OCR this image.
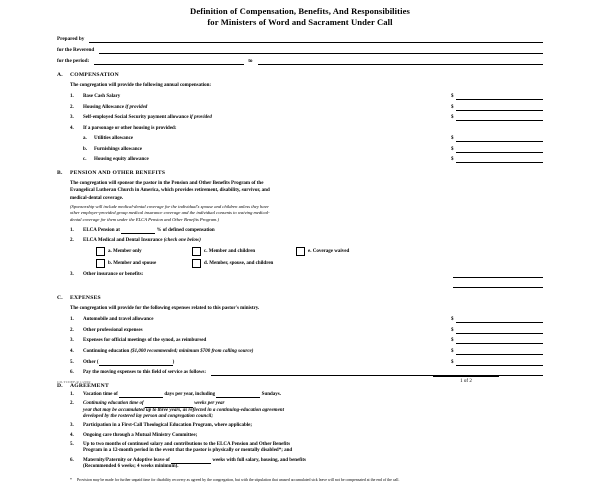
Definition of Compensation, Benefits, And Responsibilities
for Ministers of Word and Sacrament Under Call
Prepared by
for the Reverend
for the period:	to
A.	COMPENSATION
The congregation will provide the following annual compensation:
1.	Base Cash Salary	$
2.	Housing Allowance if provided	$
3.	Self-employed Social Security payment allowance if provided	$
4.	If a parsonage or other housing is provided:
a.	Utilities allowance	$
b.	Furnishings allowance	$
c.	Housing equity allowance	$
B.	PENSION AND OTHER BENEFITS
The congregation will sponsor the pastor in the Pension and Other Benefits Program of the
Evangelical Lutheran Church in America, which provides retirement, disability, survivor, and
medical-dental coverage.
(Sponsorship will include medical-dental coverage for the individual's spouse and children unless they have
other employer-provided group medical insurance coverage and the individual consents to waiving medical-
dental coverage for them under the ELCA Pension and Other Benefits Program.)
1.	ELCA Pension at	% of defined compensation
2.	ELCA Medical and Dental Insurance (check one below)
a. Member only	c. Member and children	e. Coverage waived
b. Member and spouse	d. Member, spouse, and children
3.	Other insurance or benefits:
C.	EXPENSES
The congregation will provide for the following expenses related to this pastor's ministry.
1.	Automobile and travel allowance	$
2.	Other professional expenses	$
3.	Expenses for official meetings of the synod, as reimbursed	$
4.	Continuing education ($1,000 recommended; minimum $700 from calling source)	$
5.	Other (	)	$
6.	Pay the moving expenses to this field of service as follows:
D.	AGREEMENT
1.	Vacation time of	days per year, including	Sundays.
2.	Continuing education time of	weeks per year
year that may be accumulated up to three years, as reflected in a continuing-education agreement
developed by the rostered lay person and congregation council;
3.	Participation in a First-Call Theological Education Program, where applicable;
4.	Ongoing care through a Mutual Ministry Committee;
5.	Up to two months of continued salary and contributions to the ELCA Pension and Other Benefits
Program in a 12-month period in the event that the pastor is physically or mentally disabled*; and
6.	Maternity/Paternity or Adoptive leave of	weeks with full salary, housing, and benefits
(Recommended 6 weeks; 4 weeks minimum).
*	Provision may be made for further unpaid time for disability recovery as agreed by the congregation, but with the stipulation that unused accumulated sick leave will not be compensated at the end of the call.
CD-TCDEF-R 1/2002	1 of 2
